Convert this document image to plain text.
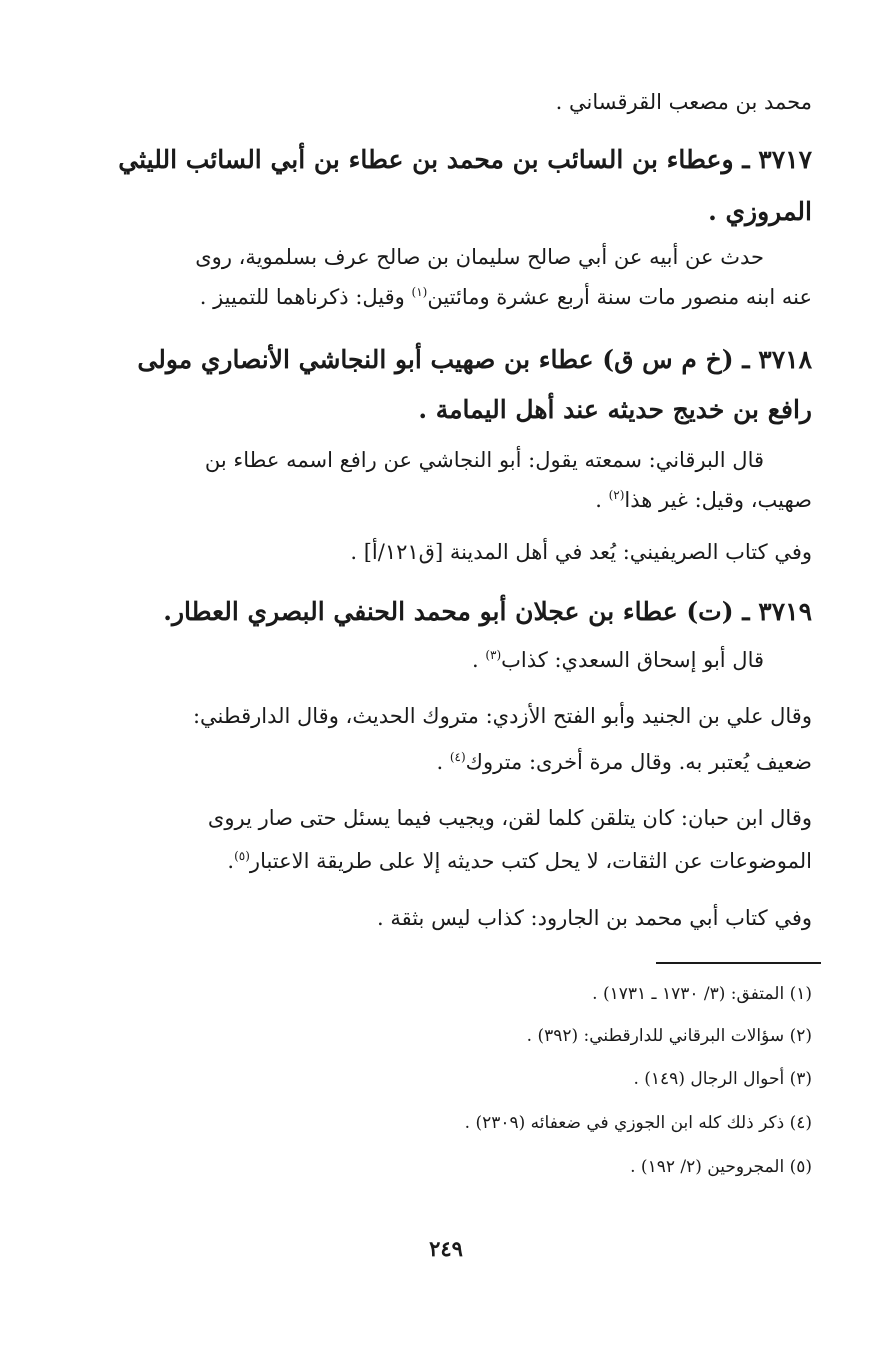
محمد بن مصعب القرقساني .
٣٧١٧ ـ وعطاء بن السائب بن محمد بن عطاء بن أبي السائب الليثي
المروزي .
حدث عن أبيه عن أبي صالح سليمان بن صالح عرف بسلموية، روى
عنه ابنه منصور مات سنة أربع عشرة ومائتين$^{(١)}$ وقيل: ذكرناهما للتمييز .
٣٧١٨ ـ (خ م س ق) عطاء بن صهيب أبو النجاشي الأنصاري مولى
رافع بن خديج حديثه عند أهل اليمامة .
قال البرقاني: سمعته يقول: أبو النجاشي عن رافع اسمه عطاء بن
صهيب، وقيل: غير هذا$^{(٢)}$ .
وفي كتاب الصريفيني: يُعد في أهل المدينة [ق١٢١/أ] .
٣٧١٩ ـ (ت) عطاء بن عجلان أبو محمد الحنفي البصري العطار.
قال أبو إسحاق السعدي: كذاب$^{(٣)}$ .
وقال علي بن الجنيد وأبو الفتح الأزدي: متروك الحديث، وقال الدارقطني:
ضعيف يُعتبر به. وقال مرة أخرى: متروك$^{(٤)}$ .
وقال ابن حبان: كان يتلقن كلما لقن، ويجيب فيما يسئل حتى صار يروى
الموضوعات عن الثقات، لا يحل كتب حديثه إلا على طريقة الاعتبار$^{(٥)}$.
وفي كتاب أبي محمد بن الجارود: كذاب ليس بثقة .
(١) المتفق: (٣/ ١٧٣٠ ـ ١٧٣١) .
(٢) سؤالات البرقاني للدارقطني: (٣٩٢) .
(٣) أحوال الرجال (١٤٩) .
(٤) ذكر ذلك كله ابن الجوزي في ضعفائه (٢٣٠٩) .
(٥) المجروحين (٢/ ١٩٢) .
٢٤٩
